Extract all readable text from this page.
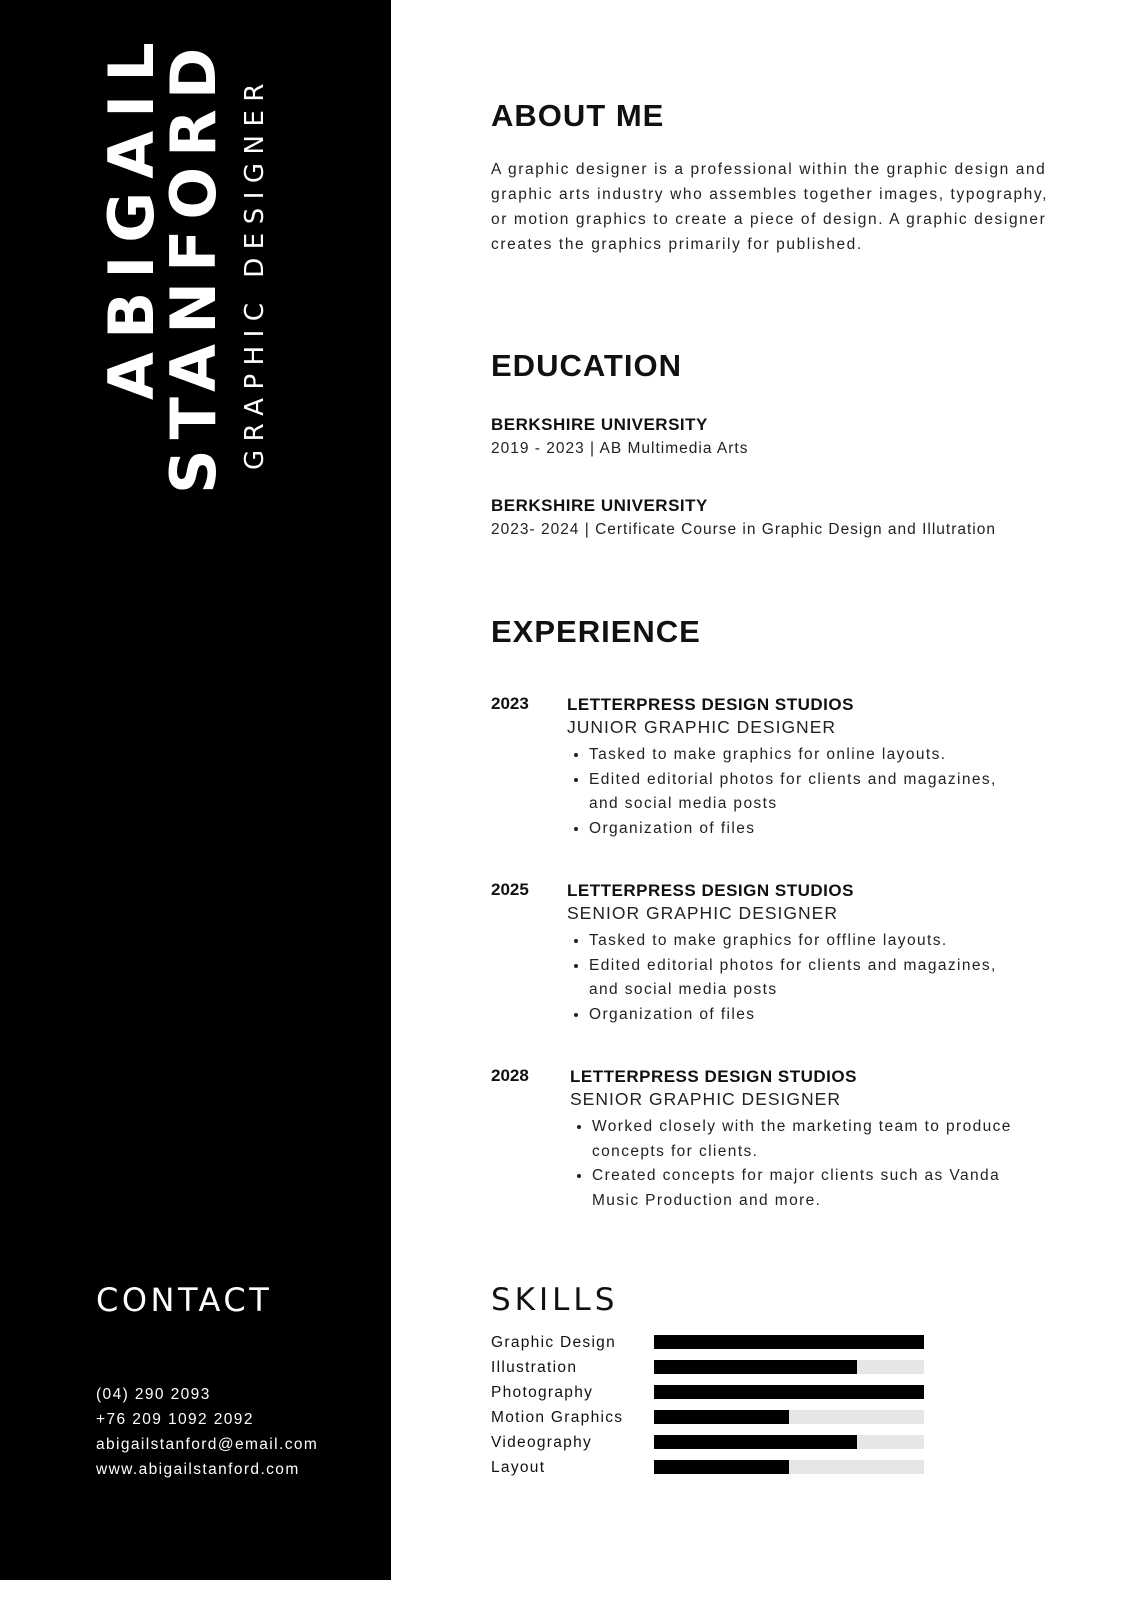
ABIGAIL
STANFORD GRAPHIC DESIGNER
CONTACT
(04) 290 2093
+76 209 1092 2092
abigailstanford@email.com
www.abigailstanford.com
ABOUT ME
A graphic designer is a professional within the graphic design and graphic arts industry who assembles together images, typography, or motion graphics to create a piece of design. A graphic designer creates the graphics primarily for published.
EDUCATION
BERKSHIRE UNIVERSITY
2019 - 2023 | AB Multimedia Arts
BERKSHIRE UNIVERSITY
2023- 2024 | Certificate Course in Graphic Design and Illutration
EXPERIENCE
2023 LETTERPRESS DESIGN STUDIOS
JUNIOR GRAPHIC DESIGNER
• Tasked to make graphics for online layouts.
• Edited editorial photos for clients and magazines, and social media posts
• Organization of files
2025 LETTERPRESS DESIGN STUDIOS
SENIOR GRAPHIC DESIGNER
• Tasked to make graphics for offline layouts.
• Edited editorial photos for clients and magazines, and social media posts
• Organization of files
2028 LETTERPRESS DESIGN STUDIOS
SENIOR GRAPHIC DESIGNER
• Worked closely with the marketing team to produce concepts for clients.
• Created concepts for major clients such as Vanda Music Production and more.
SKILLS
Graphic Design
Illustration
Photography
Motion Graphics
Videography
Layout
